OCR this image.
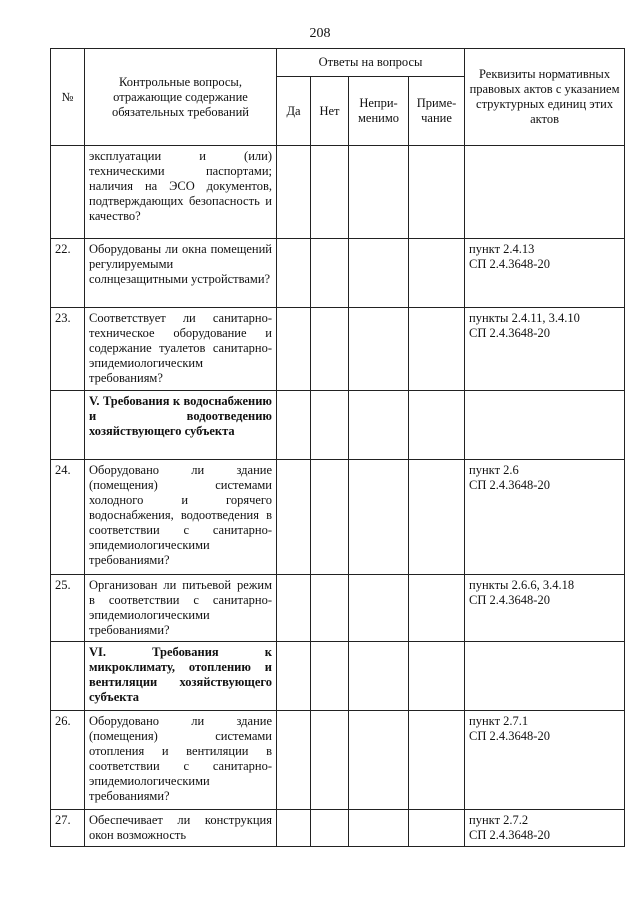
208
№	Контрольные вопросы, отражающие содержание обязательных требований	Ответы на вопросы				Реквизиты нормативных правовых актов с указанием структурных единиц этих актов
		Да	Нет	Непри-менимо	Приме-чание	
	эксплуатации и (или) техническими паспортами; наличия на ЭСО документов, подтверждающих безопасность и качество?					

22.	Оборудованы ли окна помещений регулируемыми солнцезащитными устройствами?					пункт 2.4.13
СП 2.4.3648-20

23.	Соответствует ли санитарно-техническое оборудование и содержание туалетов санитарно-эпидемиологическим требованиям?					пункты 2.4.11, 3.4.10
СП 2.4.3648-20

	V. Требования к водоснабжению и водоотведению хозяйствующего субъекта					

24.	Оборудовано ли здание (помещения) системами холодного и горячего водоснабжения, водоотведения в соответствии с санитарно-эпидемиологическими требованиями?					пункт 2.6
СП 2.4.3648-20

25.	Организован ли питьевой режим в соответствии с санитарно-эпидемиологическими требованиями?					пункты 2.6.6, 3.4.18
СП 2.4.3648-20

	VI. Требования к микроклимату, отоплению и вентиляции хозяйствующего субъекта					

26.	Оборудовано ли здание (помещения) системами отопления и вентиляции в соответствии с санитарно-эпидемиологическими требованиями?					пункт 2.7.1
СП 2.4.3648-20

27.	Обеспечивает ли конструкция окон возможность					пункт 2.7.2
СП 2.4.3648-20
